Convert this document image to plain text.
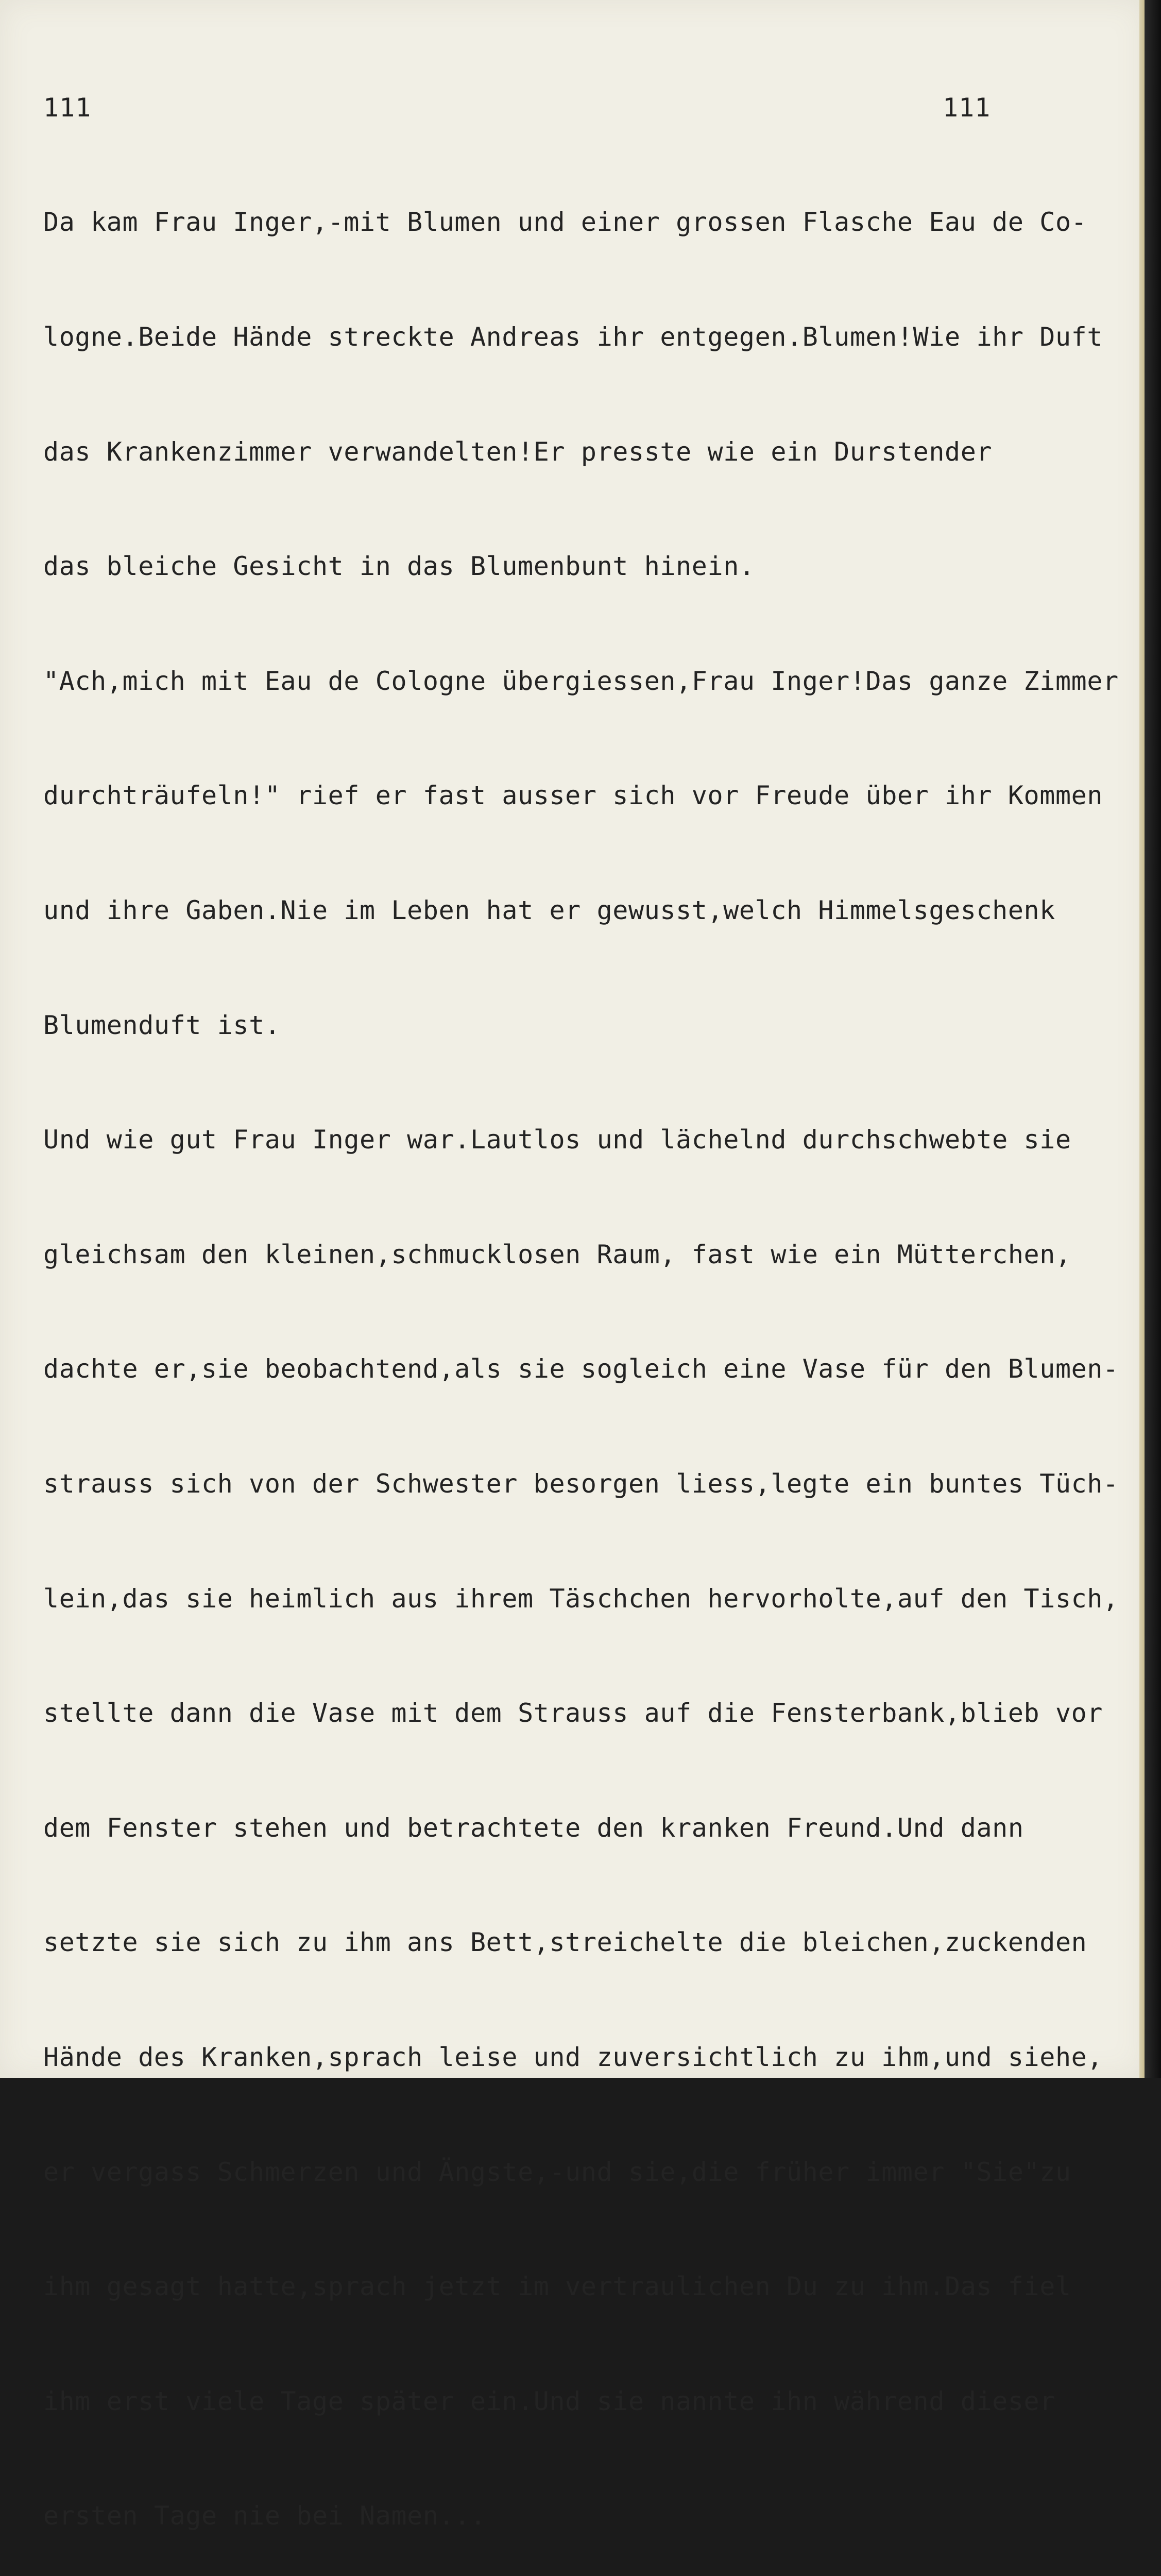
111	111

Da kam Frau Inger,-mit Blumen und einer grossen Flasche Eau de Co-

logne.Beide Hände streckte Andreas ihr entgegen.Blumen!Wie ihr Duft

das Krankenzimmer verwandelten!Er presste wie ein Durstender

das bleiche Gesicht in das Blumenbunt hinein.

"Ach,mich mit Eau de Cologne übergiessen,Frau Inger!Das ganze Zimmer

durchträufeln!" rief er fast ausser sich vor Freude über ihr Kommen

und ihre Gaben.Nie im Leben hat er gewusst,welch Himmelsgeschenk

Blumenduft ist.

Und wie gut Frau Inger war.Lautlos und lächelnd durchschwebte sie

gleichsam den kleinen,schmucklosen Raum, fast wie ein Mütterchen,

dachte er,sie beobachtend,als sie sogleich eine Vase für den Blumen-

strauss sich von der Schwester besorgen liess,legte ein buntes Tüch-

lein,das sie heimlich aus ihrem Täschchen hervorholte,auf den Tisch,

stellte dann die Vase mit dem Strauss auf die Fensterbank,blieb vor

dem Fenster stehen und betrachtete den kranken Freund.Und dann

setzte sie sich zu ihm ans Bett,streichelte die bleichen,zuckenden

Hände des Kranken,sprach leise und zuversichtlich zu ihm,und siehe,

er vergass Schmerzen und Ängste,-und sie,die früher immer "Sie"zu

ihm gesagt hatte,sprach jetzt im vertraulichen Du zu ihm.Das fiel

ihm erst viele Tage später ein.Und sie nannte ihn während dieser

ersten Tage nie bei Namen...
